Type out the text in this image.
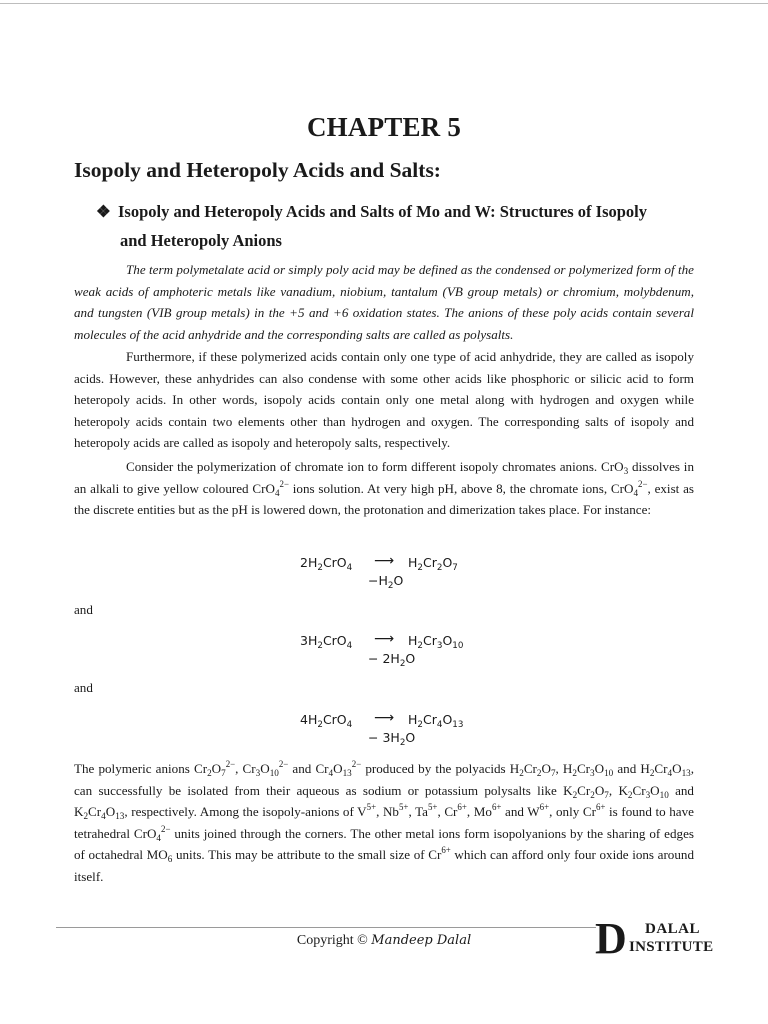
CHAPTER 5
Isopoly and Heteropoly Acids and Salts:
❖ Isopoly and Heteropoly Acids and Salts of Mo and W: Structures of Isopoly
and Heteropoly Anions

The term polymetalate acid or simply poly acid may be defined as the condensed or polymerized form of the weak acids of amphoteric metals like vanadium, niobium, tantalum (VB group metals) or chromium, molybdenum, and tungsten (VIB group metals) in the +5 and +6 oxidation states. The anions of these poly acids contain several molecules of the acid anhydride and the corresponding salts are called as polysalts.

Furthermore, if these polymerized acids contain only one type of acid anhydride, they are called as isopoly acids. However, these anhydrides can also condense with some other acids like phosphoric or silicic acid to form heteropoly acids. In other words, isopoly acids contain only one metal along with hydrogen and oxygen while heteropoly acids contain two elements other than hydrogen and oxygen. The corresponding salts of isopoly and heteropoly acids are called as isopoly and heteropoly salts, respectively.

Consider the polymerization of chromate ion to form different isopoly chromates anions. CrO$_3$ dissolves in an alkali to give yellow coloured CrO$_4^{2-}$ ions solution. At very high pH, above 8, the chromate ions, CrO$_4^{2-}$, exist as the discrete entities but as the pH is lowered down, the protonation and dimerization takes place. For instance:

$2H_2CrO_4$ ⟶ $H_2Cr_2O_7$
$-H_2O$
and
$3H_2CrO_4$ ⟶ $H_2Cr_3O_{10}$
− $2H_2O$
and
$4H_2CrO_4$ ⟶ $H_2Cr_4O_{13}$
− $3H_2O$

The polymeric anions $Cr_2O_7^{2-}$, $Cr_3O_{10}^{2-}$ and $Cr_4O_{13}^{2-}$ produced by the polyacids $H_2Cr_2O_7$, $H_2Cr_3O_{10}$ and $H_2Cr_4O_{13}$, can successfully be isolated from their aqueous as sodium or potassium polysalts like $K_2Cr_2O_7$, $K_2Cr_3O_{10}$ and $K_2Cr_4O_{13}$, respectively. Among the isopoly-anions of $V^{5+}$, $Nb^{5+}$, $Ta^{5+}$, $Cr^{6+}$, $Mo^{6+}$ and $W^{6+}$, only $Cr^{6+}$ is found to have tetrahedral CrO$_4^{2-}$ units joined through the corners. The other metal ions form isopolyanions by the sharing of edges of octahedral $MO_6$ units. This may be attribute to the small size of $Cr^{6+}$ which can afford only four oxide ions around itself.

Copyright © Mandeep Dalal	D DALAL
INSTITUTE
